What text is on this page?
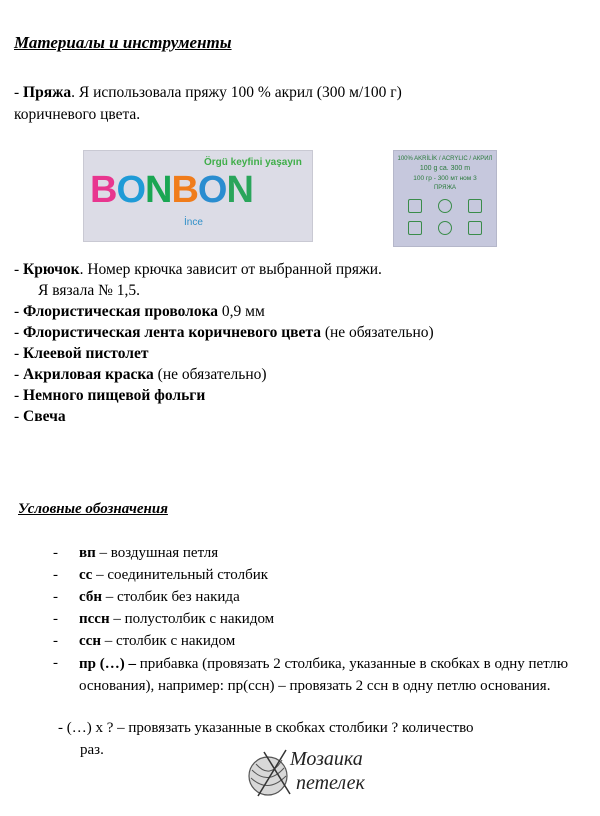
Материалы и инструменты
- Пряжа. Я использовала пряжу 100 % акрил (300 м/100 г)
коричневого цвета.
Örgü keyfini yaşayın
BONBON
İnce
100% AKRİLİK / ACRYLIC / АКРИЛ
100 g ca. 300 m
100 гр - 300 мт ном 3
ПРЯЖА
- Крючок. Номер крючка зависит от выбранной пряжи.
Я вязала № 1,5.
- Флористическая проволока 0,9 мм
- Флористическая лента коричневого цвета (не обязательно)
- Клеевой пистолет
- Акриловая краска (не обязательно)
- Немного пищевой фольги
- Свеча
Условные обозначения
- вп – воздушная петля
- сс – соединительный столбик
- сбн – столбик без накида
- пссн – полустолбик с накидом
- ссн – столбик с накидом
- пр (…) – прибавка (провязать 2 столбика, указанные в скобках в одну петлю основания), например: пр(ссн) – провязать 2 ссн в одну петлю основания.
- (…) х ? – провязать указанные в скобках столбики ? количество
раз.	Мозаика
петелек
